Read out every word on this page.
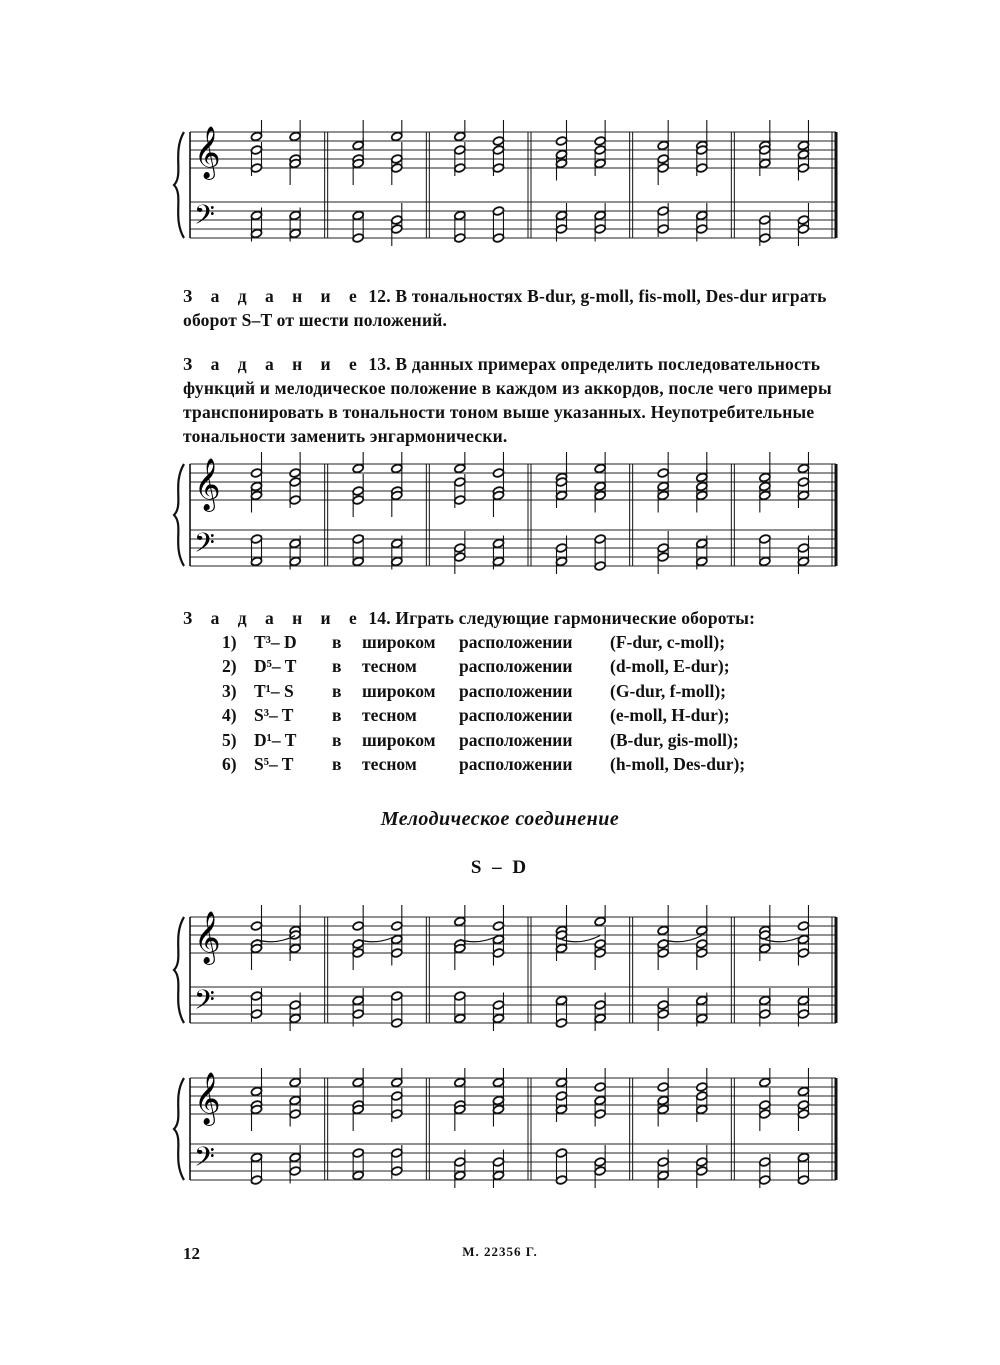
𝄞
𝄢
З а д а н и е 12. В тональностях B-dur, g-moll, fis-moll, Des-dur играть оборот S–T от шести положений.
З а д а н и е 13. В данных примерах определить последовательность функций и мелодическое положение в каждом из аккордов, после чего примеры транспонировать в тональности тоном выше указанных. Неупотребительные тональности заменить энгармонически.
𝄞
𝄢
З а д а н и е 14. Играть следующие гармонические обороты:
1) T³– D в широком расположении (F-dur, c-moll);
2) D⁵– T в тесном расположении (d-moll, E-dur);
3) T¹– S в широком расположении (G-dur, f-moll);
4) S³– T в тесном расположении (e-moll, H-dur);
5) D¹– T в широком расположении (B-dur, gis-moll);
6) S⁵– T в тесном расположении (h-moll, Des-dur);
Мелодическое соединение
S – D
𝄞
𝄢
𝄞
𝄢
12	М. 22356 Г.
